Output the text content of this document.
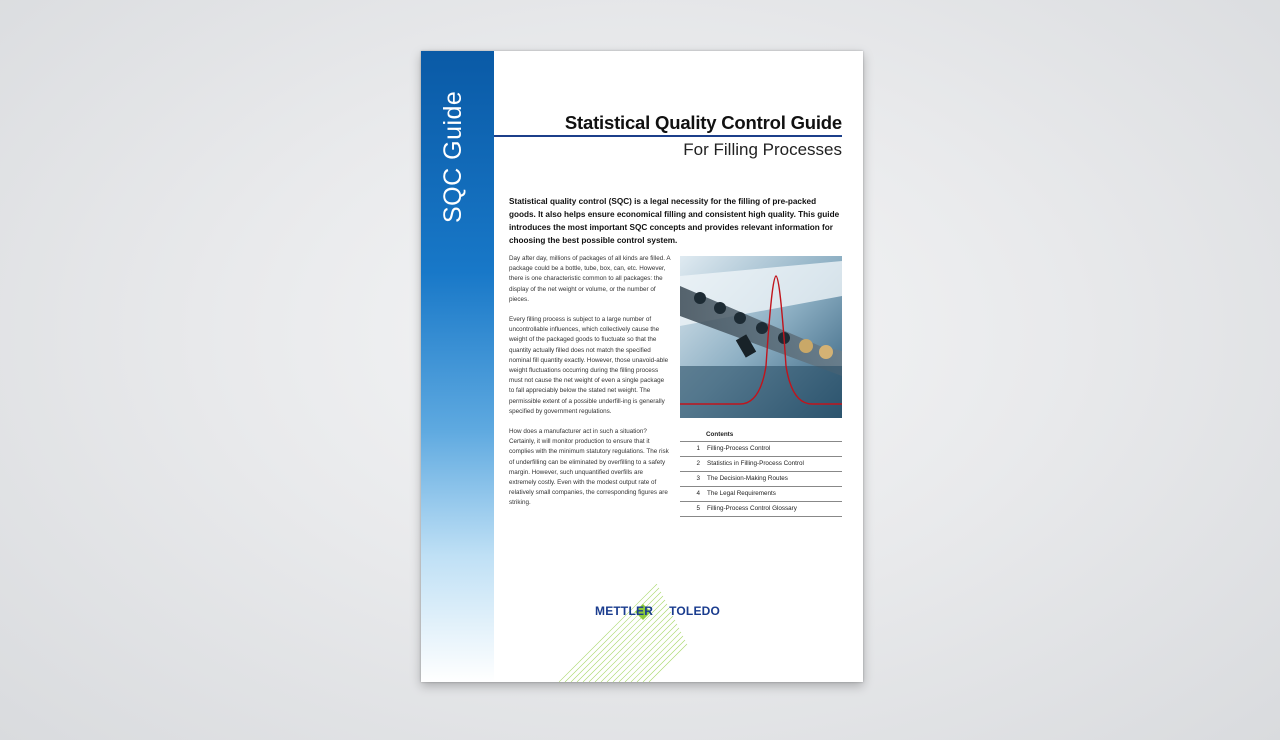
SQC Guide	Statistical Quality Control Guide
For Filling Processes
Statistical quality control (SQC) is a legal necessity for the filling of pre-packed goods. It also helps ensure economical filling and consistent high quality. This guide introduces the most important SQC concepts and provides relevant information for choosing the best possible control system.

Day after day, millions of packages of all kinds are filled. A package could be a bottle, tube, box, can, etc. However, there is one characteristic common to all packages: the display of the net weight or volume, or the number of pieces.

Every filling process is subject to a large number of uncontrollable influences, which collectively cause the weight of the packaged goods to fluctuate so that the quantity actually filled does not match the specified nominal fill quantity exactly. However, those unavoid-able weight fluctuations occurring during the filling process must not cause the net weight of even a single package to fall appreciably below the stated net weight. The permissible extent of a possible underfill-ing is generally specified by government regulations.

How does a manufacturer act in such a situation? Certainly, it will monitor production to ensure that it complies with the minimum statutory regulations. The risk of underfilling can be eliminated by overfilling to a safety margin. However, such unquantified overfills are extremely costly. Even with the modest output rate of relatively small companies, the corresponding figures are striking.

Contents
1	Filling-Process Control
2	Statistics in Filling-Process Control
3	The Decision-Making Routes
4	The Legal Requirements
5	Filling-Process Control Glossary
METTLER TOLEDO
